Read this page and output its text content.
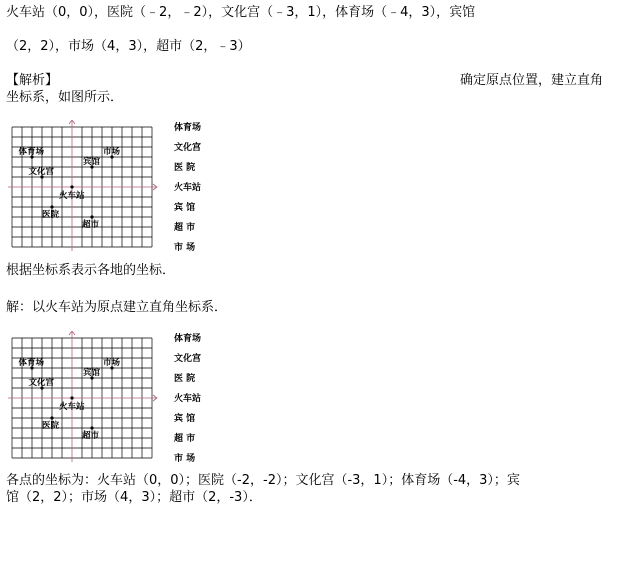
火车站（0，0），医院（﹣2，﹣2），文化宫（﹣3，1），体育场（﹣4，3），宾馆
（2，2），市场（4，3），超市（2，﹣3）
【解析】	确定原点位置，建立直角
坐标系，如图所示．
体育场	市场
宾馆
文化宫
火车站
医院
超市
体育场
文化宫
医 院
火车站
宾 馆
超 市
市 场
根据坐标系表示各地的坐标．
解：以火车站为原点建立直角坐标系．
体育场	市场
宾馆
文化宫
火车站
医院
超市
体育场
文化宫
医 院
火车站
宾 馆
超 市
市 场
各点的坐标为：火车站（0，0）；医院（-2，-2）；文化宫（-3，1）；体育场（-4，3）；宾
馆（2，2）；市场（4，3）；超市（2，-3）．
